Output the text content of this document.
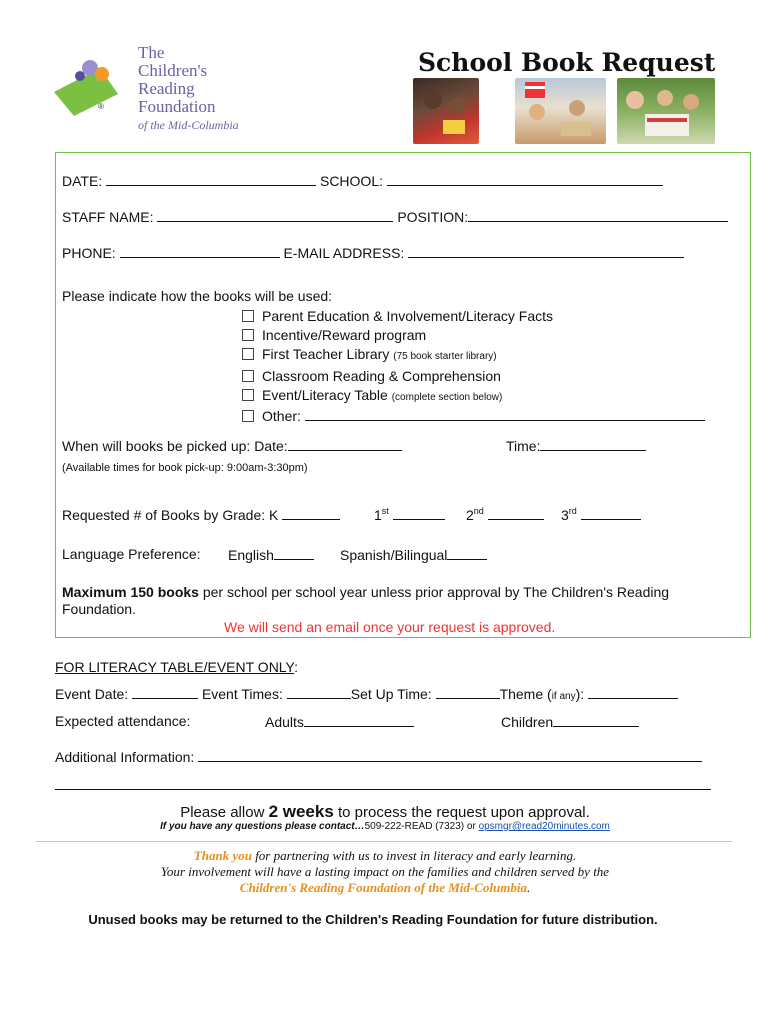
®
The
Children's
Reading
Foundation
of the Mid-Columbia
School Book Request
DATE:	SCHOOL:
STAFF NAME:	POSITION:
PHONE:	E-MAIL ADDRESS:
Please indicate how the books will be used:
Parent Education & Involvement/Literacy Facts
Incentive/Reward program
First Teacher Library (75 book starter library)
Classroom Reading & Comprehension
Event/Literacy Table (complete section below)
Other:
When will books be picked up: Date:	Time:
(Available times for book pick-up: 9:00am-3:30pm)
Requested # of Books by Grade: K	1st	2nd	3rd
Language Preference: English	Spanish/Bilingual
Maximum 150 books per school per school year unless prior approval by The Children's Reading
Foundation.
We will send an email once your request is approved.
FOR LITERACY TABLE/EVENT ONLY:
Event Date:	Event Times:	Set Up Time:	Theme (if any):
Expected attendance:	Adults	Children
Additional Information:
Please allow 2 weeks to process the request upon approval.
If you have any questions please contact…509-222-READ (7323) or opsmgr@read20minutes.com
Thank you for partnering with us to invest in literacy and early learning.
Your involvement will have a lasting impact on the families and children served by the
Children's Reading Foundation of the Mid-Columbia.
Unused books may be returned to the Children's Reading Foundation for future distribution.
